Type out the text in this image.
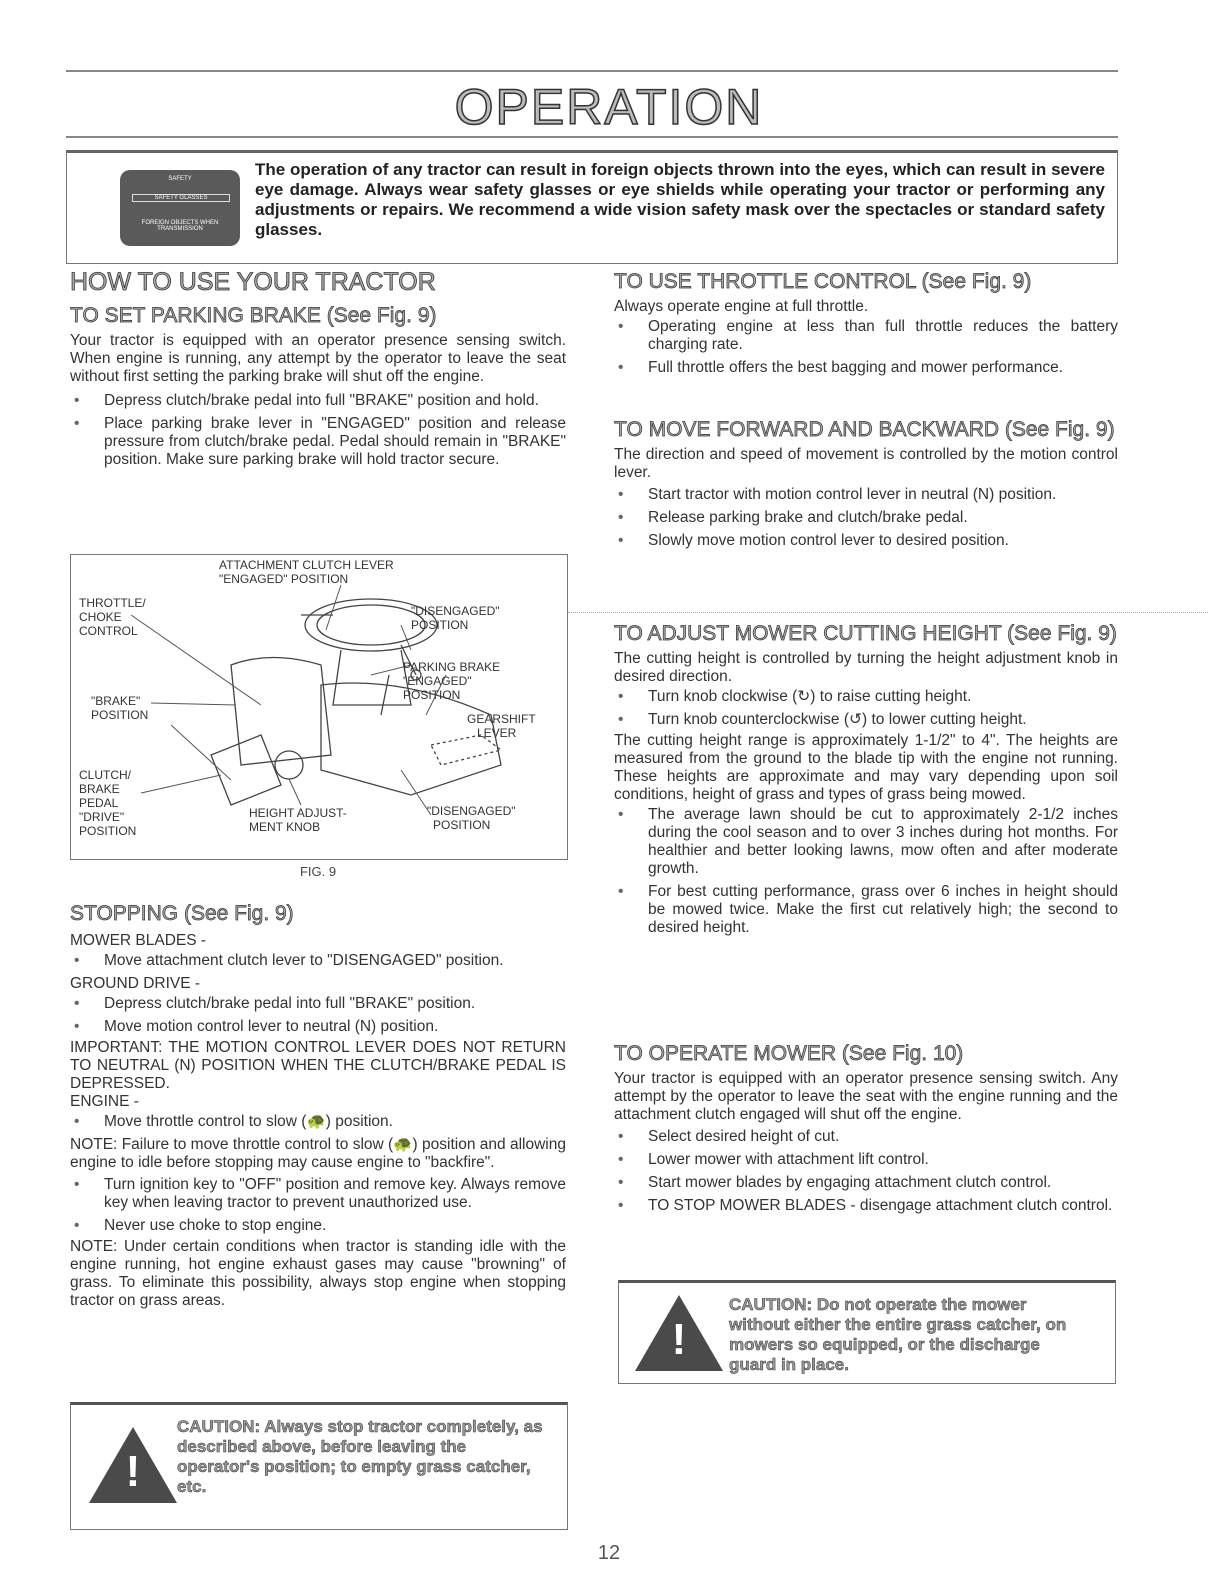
OPERATION
SAFETY
SAFETY GLASSES
FOREIGN OBJECTS WHEN TRANSMISSION
The operation of any tractor can result in foreign objects thrown into the eyes, which can result in severe eye damage. Always wear safety glasses or eye shields while operating your tractor or performing any adjustments or repairs. We recommend a wide vision safety mask over the spectacles or standard safety glasses.
HOW TO USE YOUR TRACTOR
TO SET PARKING BRAKE (See Fig. 9)

Your tractor is equipped with an operator presence sensing switch. When engine is running, any attempt by the operator to leave the seat without first setting the parking brake will shut off the engine.

• Depress clutch/brake pedal into full "BRAKE" position and hold.
• Place parking brake lever in "ENGAGED" position and release pressure from clutch/brake pedal. Pedal should remain in "BRAKE" position. Make sure parking brake will hold tractor secure.
ATTACHMENT CLUTCH LEVER
"ENGAGED" POSITION
THROTTLE/
CHOKE
CONTROL
"DISENGAGED"
POSITION
PARKING BRAKE
"ENGAGED"
POSITION
"BRAKE"
POSITION	GEARSHIFT
LEVER
CLUTCH/
BRAKE
PEDAL
"DRIVE"
POSITION
HEIGHT ADJUST-
MENT KNOB
"DISENGAGED"
POSITION
FIG. 9
STOPPING (See Fig. 9)

MOWER BLADES -

• Move attachment clutch lever to "DISENGAGED" position.

GROUND DRIVE -

• Depress clutch/brake pedal into full "BRAKE" position.
• Move motion control lever to neutral (N) position.

IMPORTANT: THE MOTION CONTROL LEVER DOES NOT RETURN TO NEUTRAL (N) POSITION WHEN THE CLUTCH/BRAKE PEDAL IS DEPRESSED.

ENGINE -

• Move throttle control to slow (🐢) position.

NOTE: Failure to move throttle control to slow (🐢) position and allowing engine to idle before stopping may cause engine to "backfire".

• Turn ignition key to "OFF" position and remove key. Always remove key when leaving tractor to prevent unauthorized use.
• Never use choke to stop engine.

NOTE: Under certain conditions when tractor is standing idle with the engine running, hot engine exhaust gases may cause "browning" of grass. To eliminate this possibility, always stop engine when stopping tractor on grass areas.

!
CAUTION: Always stop tractor completely, as described above, before leaving the operator's position; to empty grass catcher, etc.
TO USE THROTTLE CONTROL (See Fig. 9)

Always operate engine at full throttle.

• Operating engine at less than full throttle reduces the battery charging rate.
• Full throttle offers the best bagging and mower performance.
TO MOVE FORWARD AND BACKWARD (See Fig. 9)

The direction and speed of movement is controlled by the motion control lever.

• Start tractor with motion control lever in neutral (N) position.
• Release parking brake and clutch/brake pedal.
• Slowly move motion control lever to desired position.
TO ADJUST MOWER CUTTING HEIGHT (See Fig. 9)

The cutting height is controlled by turning the height adjustment knob in desired direction.

• Turn knob clockwise (↻) to raise cutting height.
• Turn knob counterclockwise (↺) to lower cutting height.

The cutting height range is approximately 1-1/2" to 4". The heights are measured from the ground to the blade tip with the engine not running. These heights are approximate and may vary depending upon soil conditions, height of grass and types of grass being mowed.

• The average lawn should be cut to approximately 2-1/2 inches during the cool season and to over 3 inches during hot months. For healthier and better looking lawns, mow often and after moderate growth.
• For best cutting performance, grass over 6 inches in height should be mowed twice. Make the first cut relatively high; the second to desired height.
TO OPERATE MOWER (See Fig. 10)

Your tractor is equipped with an operator presence sensing switch. Any attempt by the operator to leave the seat with the engine running and the attachment clutch engaged will shut off the engine.

• Select desired height of cut.
• Lower mower with attachment lift control.
• Start mower blades by engaging attachment clutch control.
• TO STOP MOWER BLADES - disengage attachment clutch control.
!
CAUTION: Do not operate the mower without either the entire grass catcher, on mowers so equipped, or the discharge guard in place.
12
